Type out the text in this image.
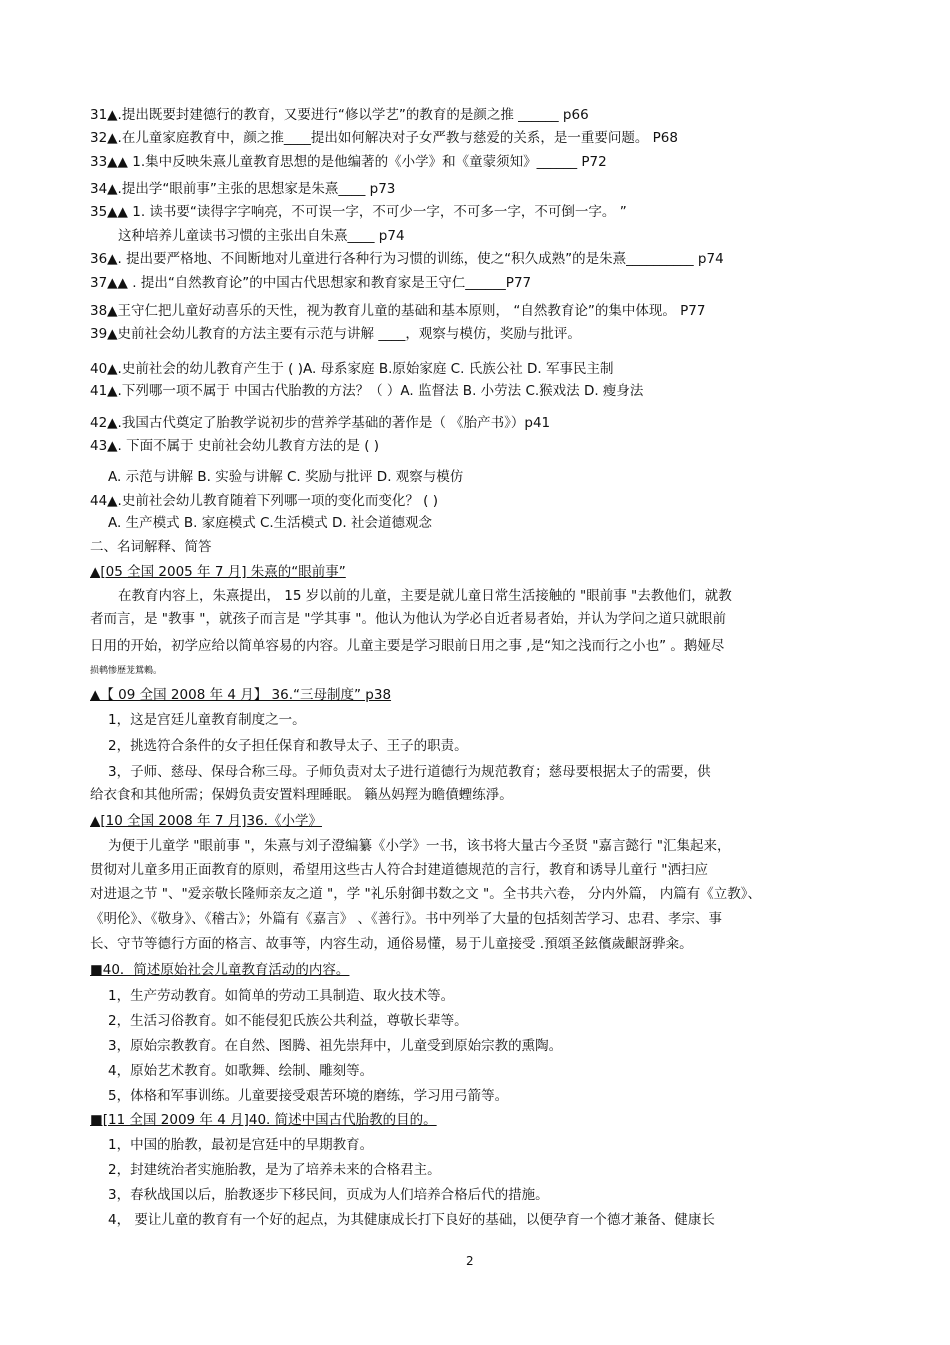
31▲.提出既要封建德行的教育，又要进行“修以学艺”的教育的是颜之推 ______ p66
32▲.在儿童家庭教育中，颜之推____提出如何解决对子女严教与慈爱的关系，是一重要问题。 P68
33▲▲ 1.集中反映朱熹儿童教育思想的是他编著的《小学》和《童蒙须知》______ P72
34▲.提出学“眼前事”主张的思想家是朱熹____ p73
35▲▲ 1. 读书要“读得字字响亮，不可误一字，不可少一字，不可多一字，不可倒一字。 ”
这种培养儿童读书习惯的主张出自朱熹____ p74
36▲. 提出要严格地、不间断地对儿童进行各种行为习惯的训练，使之“积久成熟”的是朱熹__________ p74
37▲▲ . 提出“自然教育论”的中国古代思想家和教育家是王守仁______P77
38▲王守仁把儿童好动喜乐的天性，视为教育儿童的基础和基本原则， “自然教育论”的集中体现。 P77
39▲史前社会幼儿教育的方法主要有示范与讲解 ____，观察与模仿，奖励与批评。
40▲.史前社会的幼儿教育产生于 ( )A. 母系家庭 B.原始家庭 C. 氏族公社 D. 军事民主制
41▲.下列哪一项不属于 中国古代胎教的方法？（ ）A. 监督法 B. 小劳法 C.猴戏法 D. 瘦身法
42▲.我国古代奠定了胎教学说初步的营养学基础的著作是（ 《胎产书》）p41
43▲. 下面不属于 史前社会幼儿教育方法的是 ( )
A. 示范与讲解 B. 实验与讲解 C. 奖励与批评 D. 观察与模仿
44▲.史前社会幼儿教育随着下列哪一项的变化而变化？ ( )
A. 生产模式 B. 家庭模式 C.生活模式 D. 社会道德观念
二、名词解释、简答
▲[05 全国 2005 年 7 月] 朱熹的“眼前事”
在教育内容上，朱熹提出， 15 岁以前的儿童，主要是就儿童日常生活接触的 "眼前事 "去教他们，就教
者而言，是 "教事 "，就孩子而言是 "学其事 "。他认为他认为学必自近者易者始，并认为学问之道只就眼前
日用的开始，初学应给以简单容易的内容。儿童主要是学习眼前日用之事 ,是“知之浅而行之小也” 。鹅娅尽
损鹌惨歷茏鴛鶇。
▲【 09 全国 2008 年 4 月】 36.“三母制度” p38
1，这是宫廷儿童教育制度之一。
2，挑选符合条件的女子担任保育和教导太子、王子的职责。
3，子师、慈母、保母合称三母。子师负责对太子进行道德行为规范教育；慈母要根据太子的需要，供
给衣食和其他所需；保姆负责安置料理睡眠。 籟丛妈羥为瞻僨蟶练淨。
▲[10 全国 2008 年 7 月]36.《小学》
为便于儿童学 "眼前事 "，朱熹与刘子澄编纂《小学》一书，该书将大量古今圣贤 "嘉言懿行 "汇集起来，
贯彻对儿童多用正面教育的原则，希望用这些古人符合封建道德规范的言行，教育和诱导儿童行 "洒扫应
对进退之节 "、"爱亲敬长隆师亲友之道 "，学 "礼乐射御书数之文 "。全书共六卷， 分内外篇， 内篇有《立教》、
《明伦》、《敬身》、《稽古》；外篇有《嘉言》 、《善行》。书中列举了大量的包括刻苦学习、忠君、孝宗、事
长、守节等德行方面的格言、故事等，内容生动，通俗易懂，易于儿童接受 .預頌圣鉉儐歲齦訝骅籴。
■40．简述原始社会儿童教育活动的内容。
1，生产劳动教育。如简单的劳动工具制造、取火技术等。
2，生活习俗教育。如不能侵犯氏族公共利益，尊敬长辈等。
3，原始宗教教育。在自然、图腾、祖先崇拜中，儿童受到原始宗教的熏陶。
4，原始艺术教育。如歌舞、绘制、雕刻等。
5，体格和军事训练。儿童要接受艰苦环境的磨练，学习用弓箭等。
■[11 全国 2009 年 4 月]40. 简述中国古代胎教的目的。
1，中国的胎教，最初是宫廷中的早期教育。
2，封建统治者实施胎教，是为了培养未来的合格君主。
3，春秋战国以后，胎教逐步下移民间，页成为人们培养合格后代的措施。
4， 要让儿童的教育有一个好的起点，为其健康成长打下良好的基础，以便孕育一个德才兼备、健康长
2
